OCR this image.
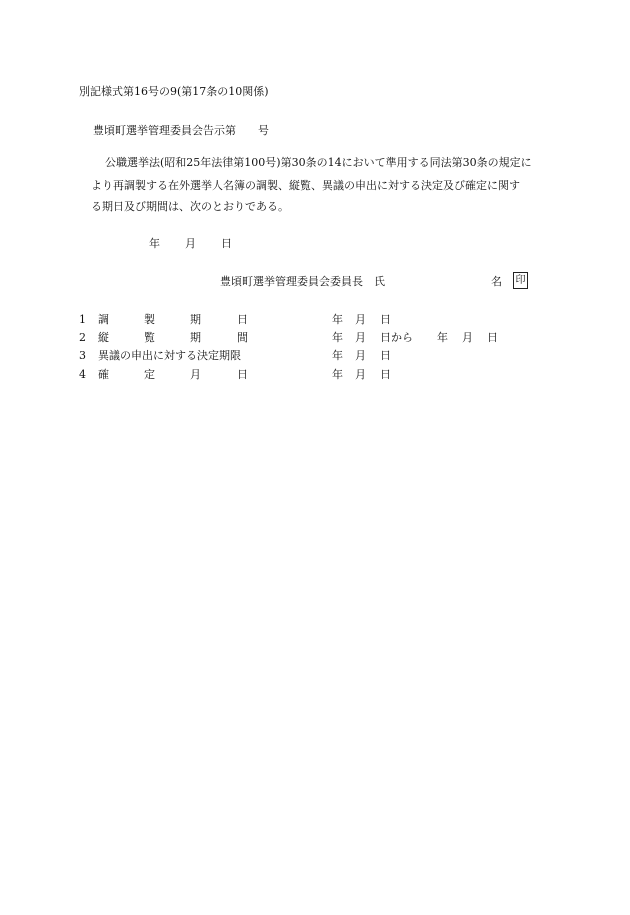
別記様式第16号の9(第17条の10関係)
豊頃町選挙管理委員会告示第　　号
公職選挙法(昭和25年法律第100号)第30条の14において準用する同法第30条の規定に
より再調製する在外選挙人名簿の調製、縦覧、異議の申出に対する決定及び確定に関す
る期日及び期間は、次のとおりである。
年 月 日
豊頃町選挙管理委員会委員長　氏	名 印
1 調	製	期	日	年 月 日
2 縦	覧	期	間	年 月 日から 年 月 日
3 異議の申出に対する決定期限	年 月 日
4 確	定	月	日	年 月 日
